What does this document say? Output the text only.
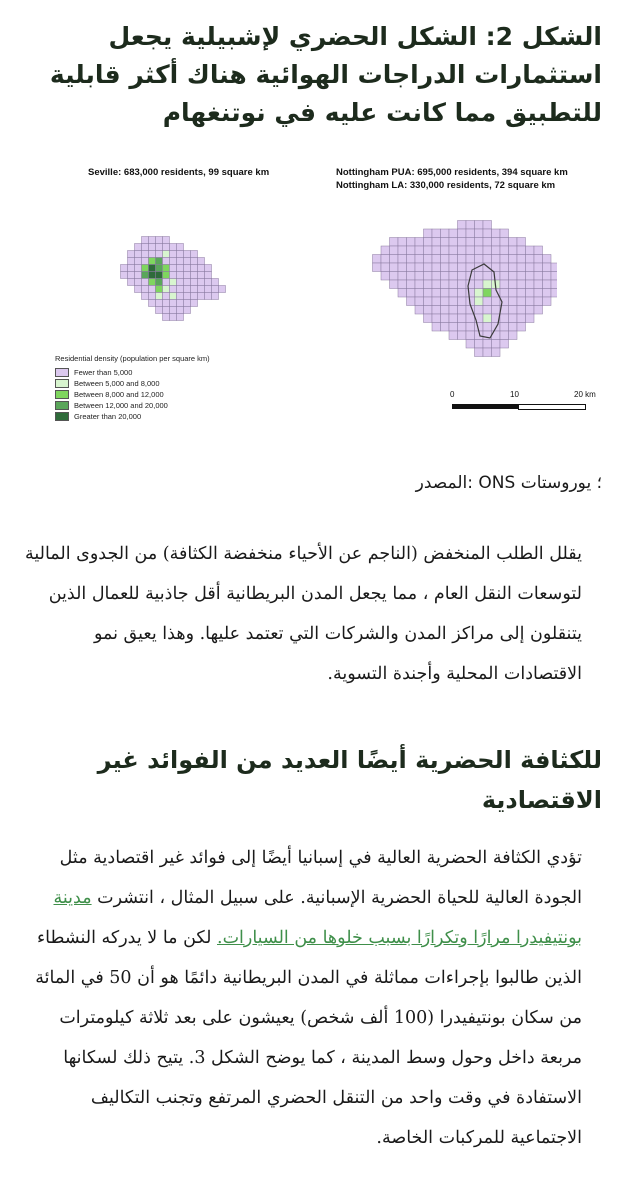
الشكل 2: الشكل الحضري لإشبيلية يجعل استثمارات الدراجات الهوائية هناك أكثر قابلية للتطبيق مما كانت عليه في نوتنغهام
Seville: 683,000 residents, 99 square km	Nottingham PUA: 695,000 residents, 394 square km
Nottingham LA: 330,000 residents, 72 square km
Residential density (population per square km)
Fewer than 5,000
Between 5,000 and 8,000
Between 8,000 and 12,000
Between 12,000 and 20,000
Greater than 20,000
0	10	20 km
؛ يوروستات ONS :المصدر

يقلل الطلب المنخفض (الناجم عن الأحياء منخفضة الكثافة) من الجدوى المالية لتوسعات النقل العام ، مما يجعل المدن البريطانية أقل جاذبية للعمال الذين يتنقلون إلى مراكز المدن والشركات التي تعتمد عليها. وهذا يعيق نمو الاقتصادات المحلية وأجندة التسوية.

للكثافة الحضرية أيضًا العديد من الفوائد غير الاقتصادية

تؤدي الكثافة الحضرية العالية في إسبانيا أيضًا إلى فوائد غير اقتصادية مثل الجودة العالية للحياة الحضرية الإسبانية. على سبيل المثال ، انتشرت مدينة بونتيفيدرا مرارًا وتكرارًا بسبب خلوها من السيارات. لكن ما لا يدركه النشطاء الذين طالبوا بإجراءات مماثلة في المدن البريطانية دائمًا هو أن 50 في المائة من سكان بونتيفيدرا (100 ألف شخص) يعيشون على بعد ثلاثة كيلومترات مربعة داخل وحول وسط المدينة ، كما يوضح الشكل 3. يتيح ذلك لسكانها الاستفادة في وقت واحد من التنقل الحضري المرتفع وتجنب التكاليف الاجتماعية للمركبات الخاصة.
